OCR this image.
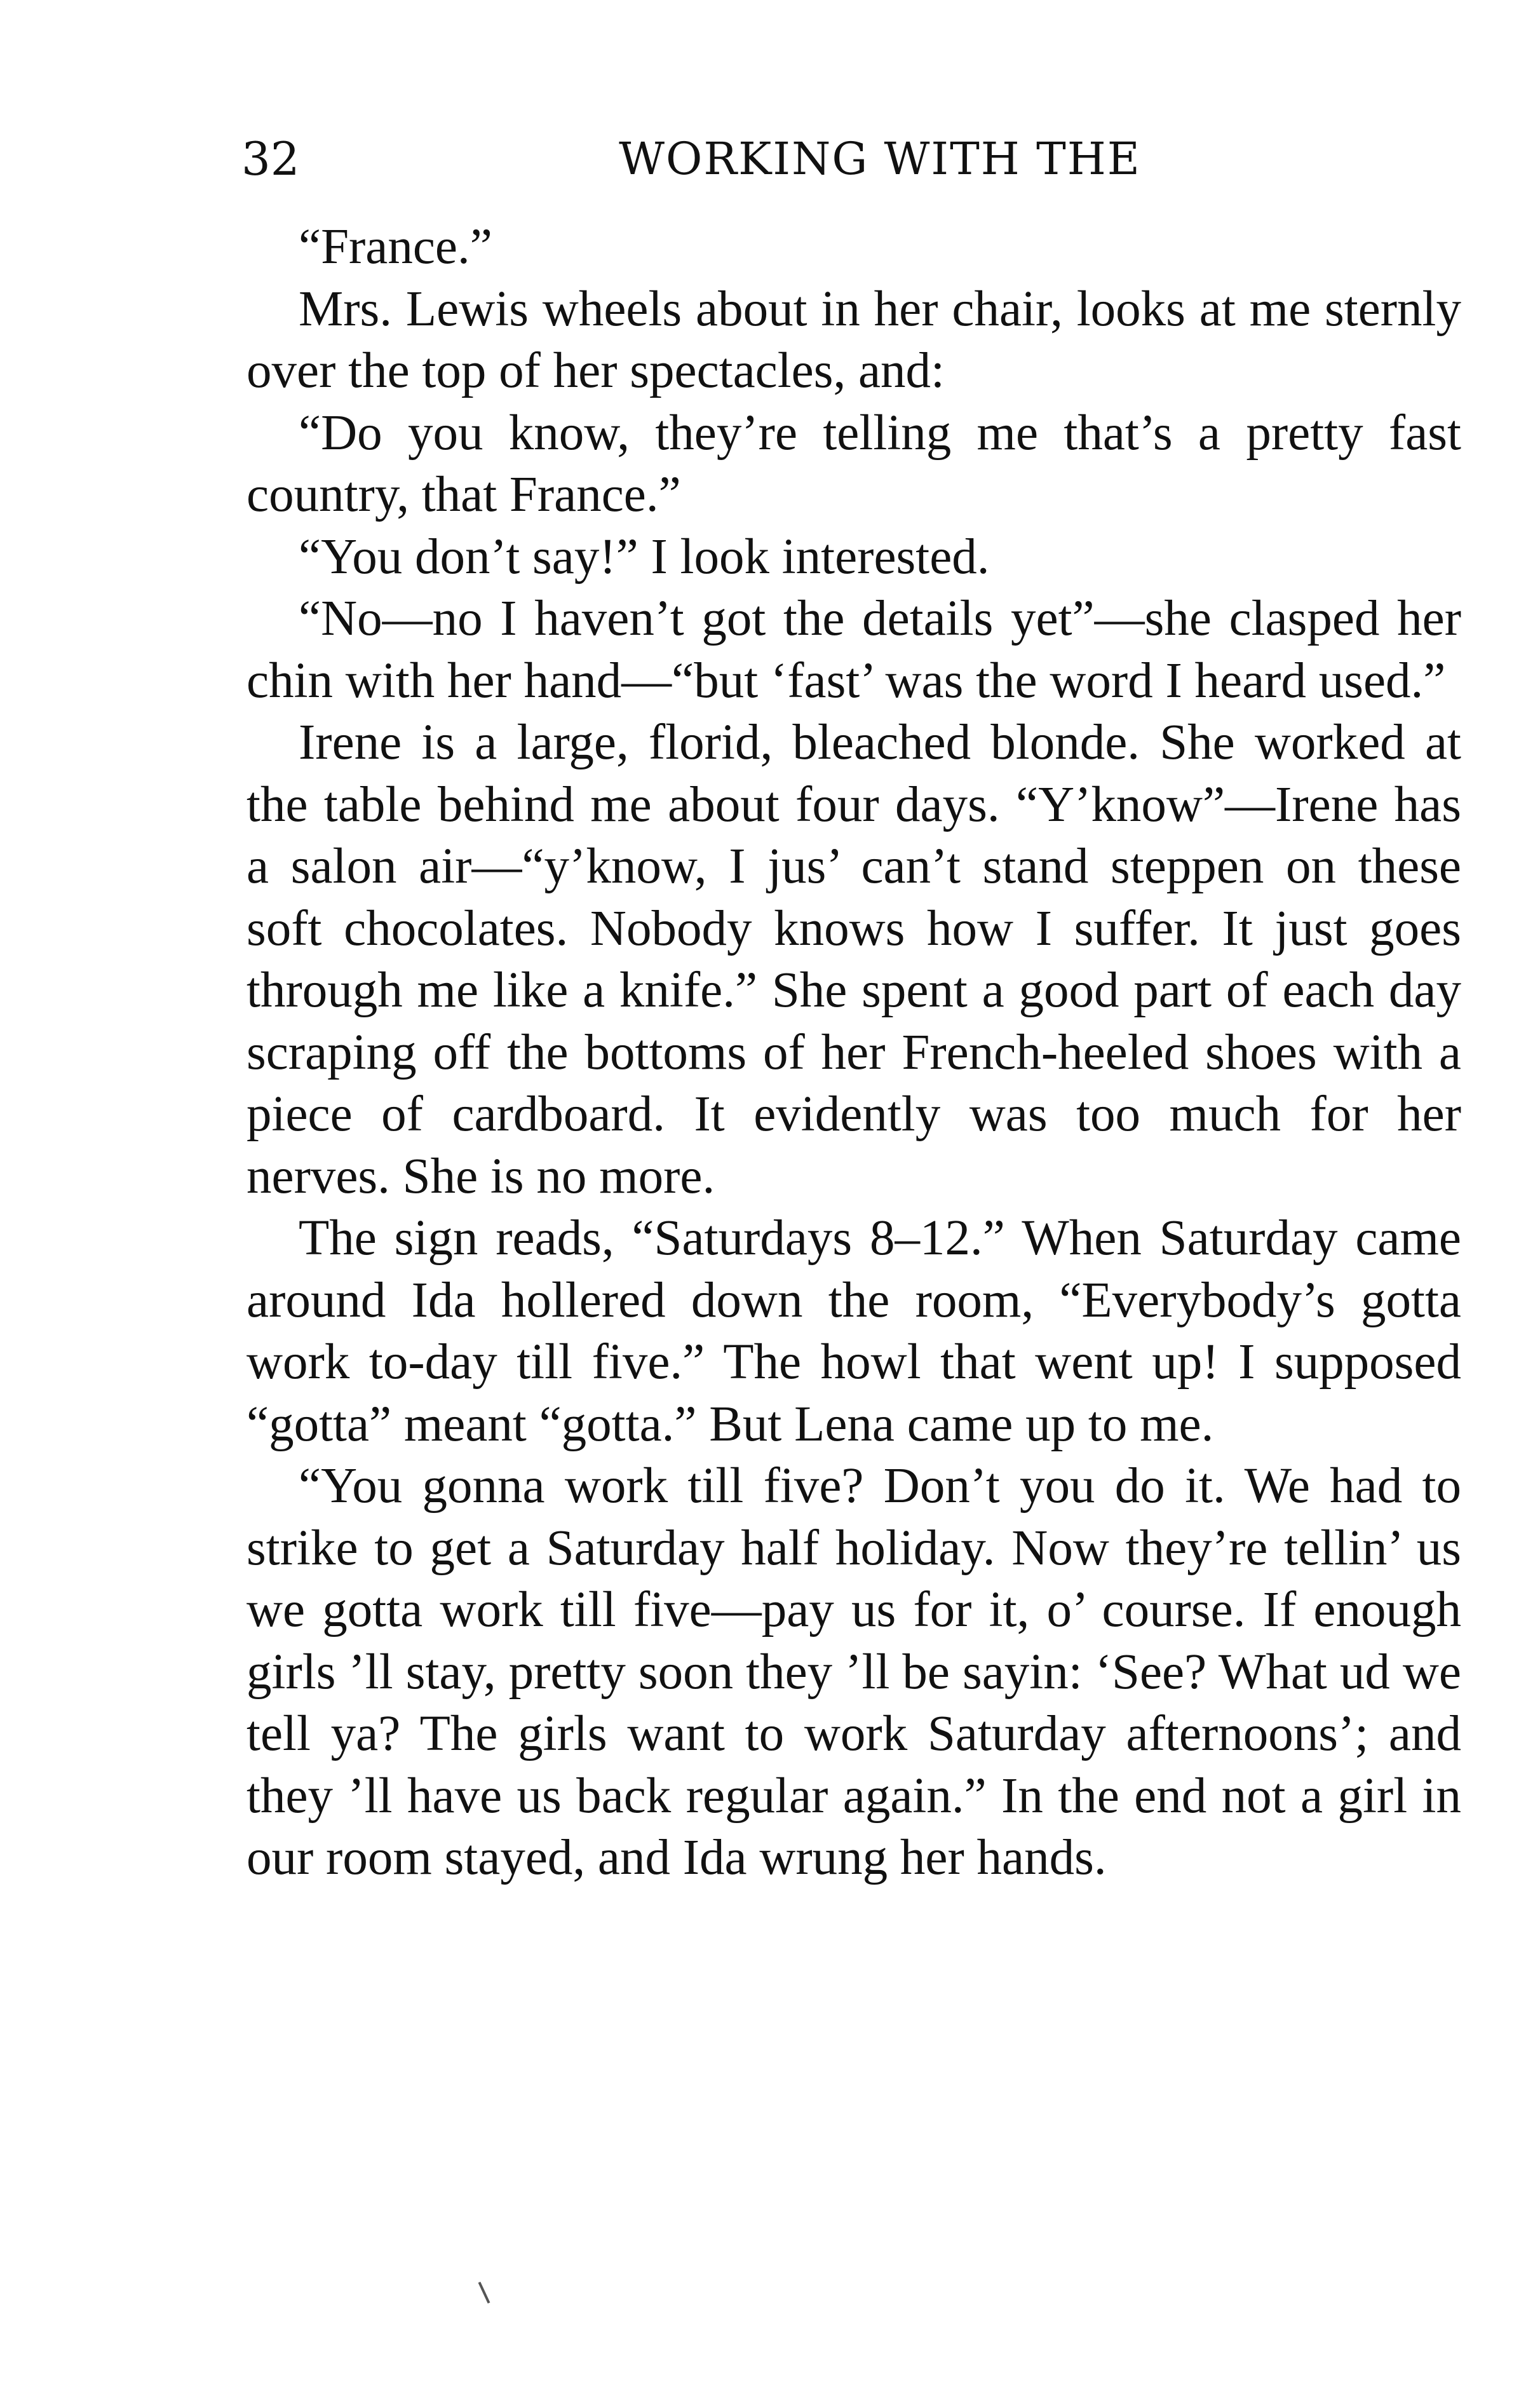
32	WORKING WITH THE

“France.”

Mrs. Lewis wheels about in her chair, looks at me sternly over the top of her spectacles, and:

“Do you know, they’re telling me that’s a pretty fast country, that France.”

“You don’t say!” I look interested.

“No—no I haven’t got the details yet”—she clasped her chin with her hand—“but ‘fast’ was the word I heard used.”

Irene is a large, florid, bleached blonde. She worked at the table behind me about four days. “Y’know”—Irene has a salon air—“y’know, I jus’ can’t stand steppen on these soft chocolates. Nobody knows how I suffer. It just goes through me like a knife.” She spent a good part of each day scraping off the bottoms of her French-heeled shoes with a piece of cardboard. It evidently was too much for her nerves. She is no more.

The sign reads, “Saturdays 8–12.” When Saturday came around Ida hollered down the room, “Everybody’s gotta work to-day till five.” The howl that went up! I supposed “gotta” meant “gotta.” But Lena came up to me.

“You gonna work till five? Don’t you do it. We had to strike to get a Saturday half holiday. Now they’re tellin’ us we gotta work till five—pay us for it, o’ course. If enough girls ’ll stay, pretty soon they ’ll be sayin: ‘See? What ud we tell ya? The girls want to work Saturday afternoons’; and they ’ll have us back regular again.” In the end not a girl in our room stayed, and Ida wrung her hands.
